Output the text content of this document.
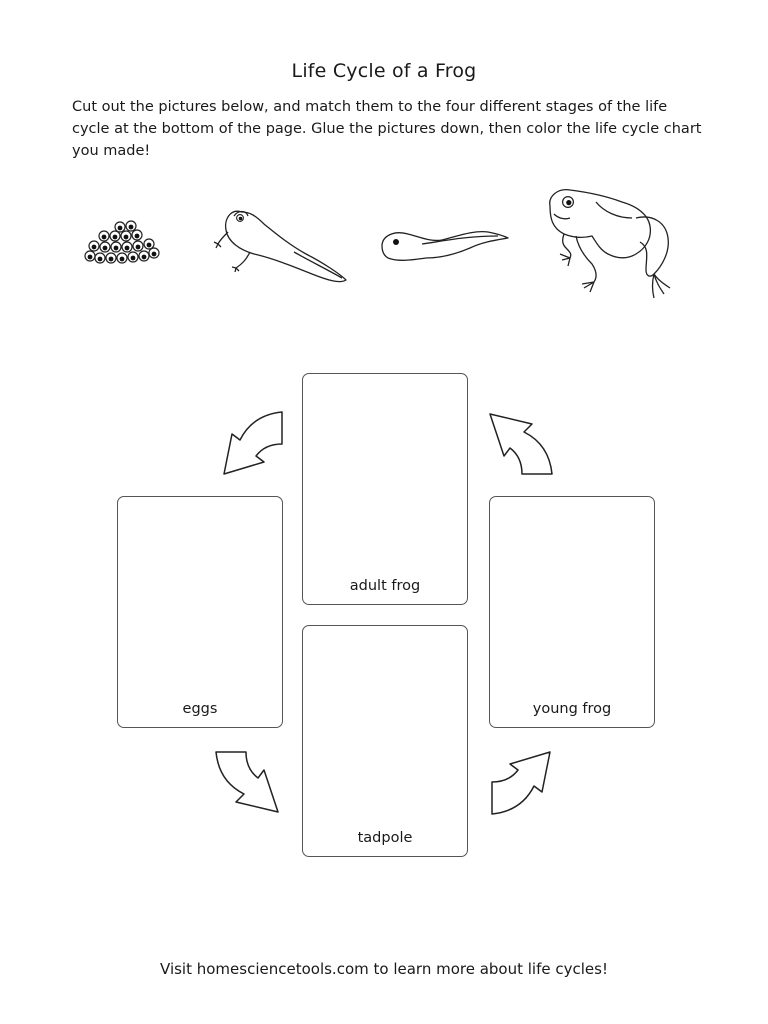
Life Cycle of a Frog
Cut out the pictures below, and match them to the four different stages of the life cycle at the bottom of the page. Glue the pictures down, then color the life cycle chart you made!
adult frog
eggs	young frog
tadpole
Visit homesciencetools.com to learn more about life cycles!
